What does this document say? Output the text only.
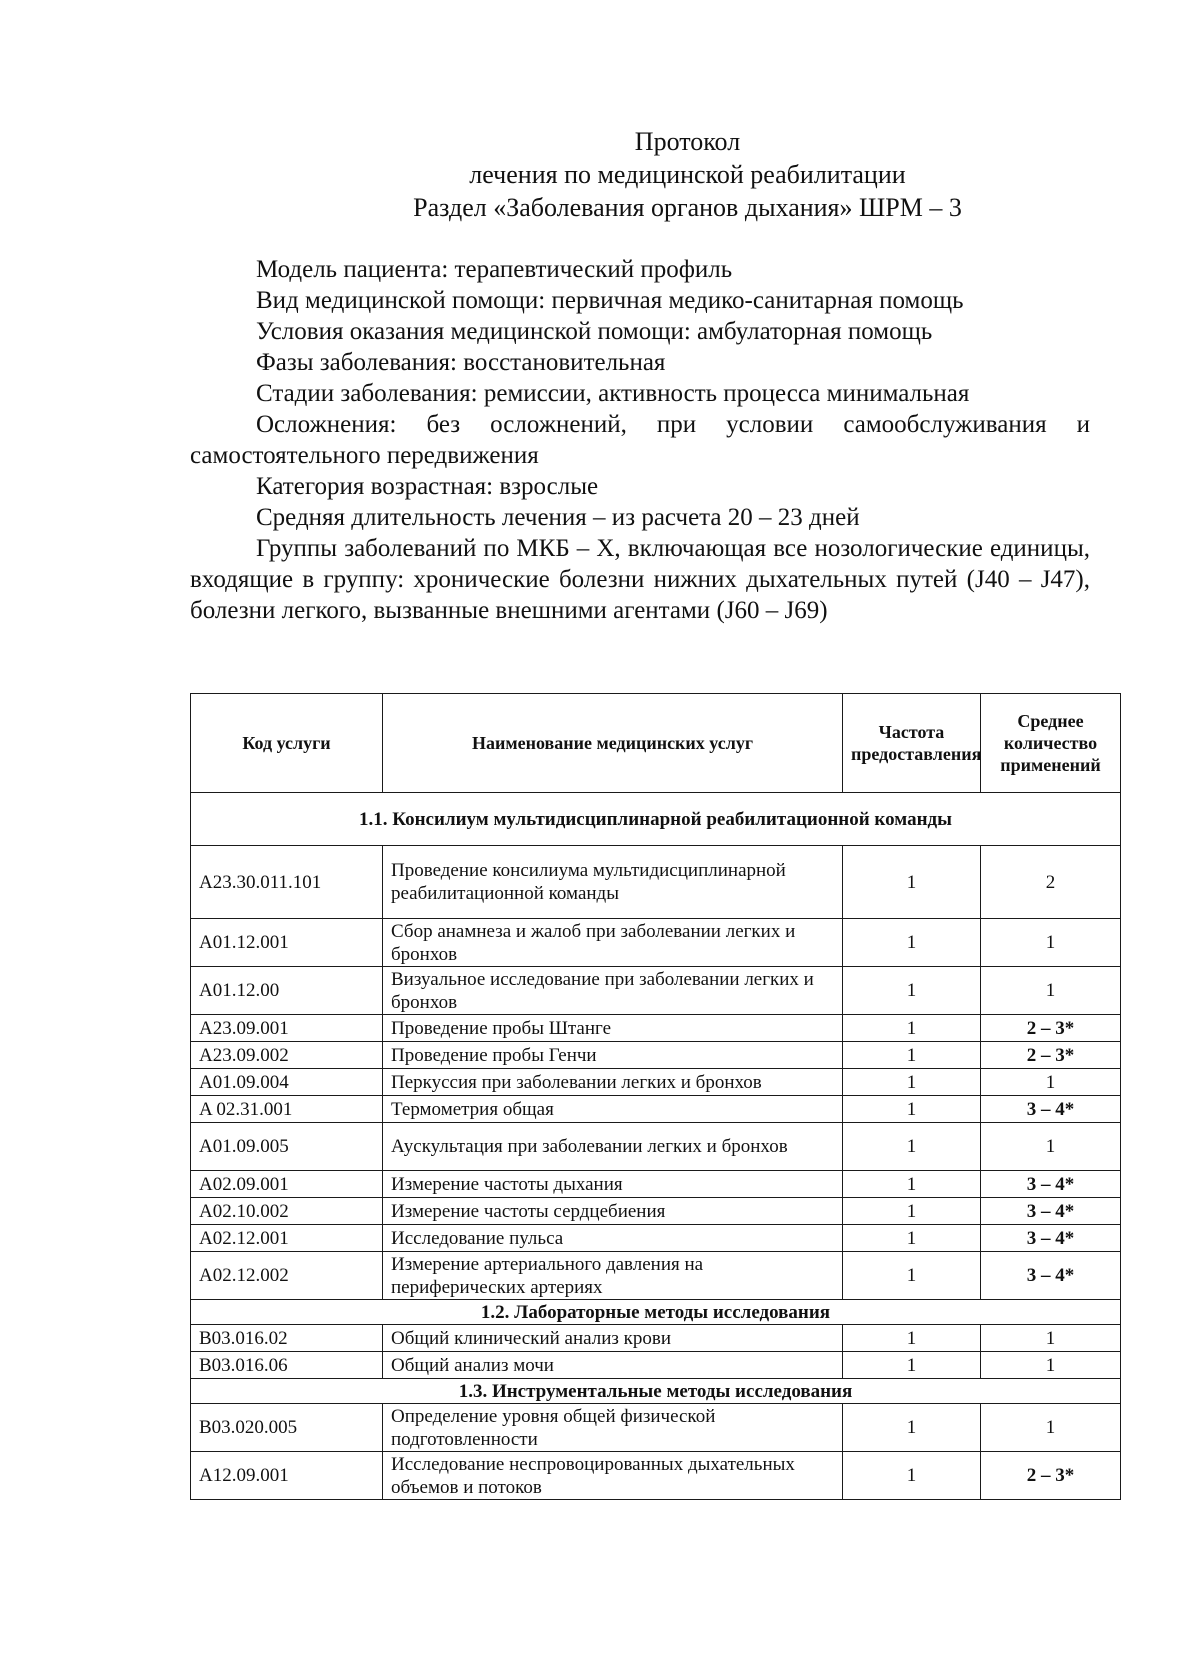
Протокол
лечения по медицинской реабилитации
Раздел «Заболевания органов дыхания» ШРМ – 3

Модель пациента: терапевтический профиль

Вид медицинской помощи: первичная медико-санитарная помощь

Условия оказания медицинской помощи: амбулаторная помощь

Фазы заболевания: восстановительная

Стадии заболевания: ремиссии, активность процесса минимальная

Осложнения: без осложнений, при условии самообслуживания и самостоятельного передвижения

Категория возрастная: взрослые

Средняя длительность лечения – из расчета 20 – 23 дней

Группы заболеваний по МКБ – X, включающая все нозологические единицы, входящие в группу: хронические болезни нижних дыхательных путей (J40 – J47), болезни легкого, вызванные внешними агентами (J60 – J69)

Код услуги	Наименование медицинских услуг	Частота предоставления	Среднее количество применений
1.1. Консилиум мультидисциплинарной реабилитационной команды			
A23.30.011.101	Проведение консилиума мультидисциплинарной реабилитационной команды	1	2
A01.12.001	Сбор анамнеза и жалоб при заболевании легких и бронхов	1	1
A01.12.00	Визуальное исследование при заболевании легких и бронхов	1	1
A23.09.001	Проведение пробы Штанге	1	2 – 3*
A23.09.002	Проведение пробы Генчи	1	2 – 3*
A01.09.004	Перкуссия при заболевании легких и бронхов	1	1
A 02.31.001	Термометрия общая	1	3 – 4*
A01.09.005	Аускультация при заболевании легких и бронхов	1	1
A02.09.001	Измерение частоты дыхания	1	3 – 4*
A02.10.002	Измерение частоты сердцебиения	1	3 – 4*
A02.12.001	Исследование пульса	1	3 – 4*
A02.12.002	Измерение артериального давления на периферических артериях	1	3 – 4*
1.2. Лабораторные методы исследования			
B03.016.02	Общий клинический анализ крови	1	1
B03.016.06	Общий анализ мочи	1	1
1.3. Инструментальные методы исследования			
B03.020.005	Определение уровня общей физической подготовленности	1	1
A12.09.001	Исследование неспровоцированных дыхательных объемов и потоков	1	2 – 3*
